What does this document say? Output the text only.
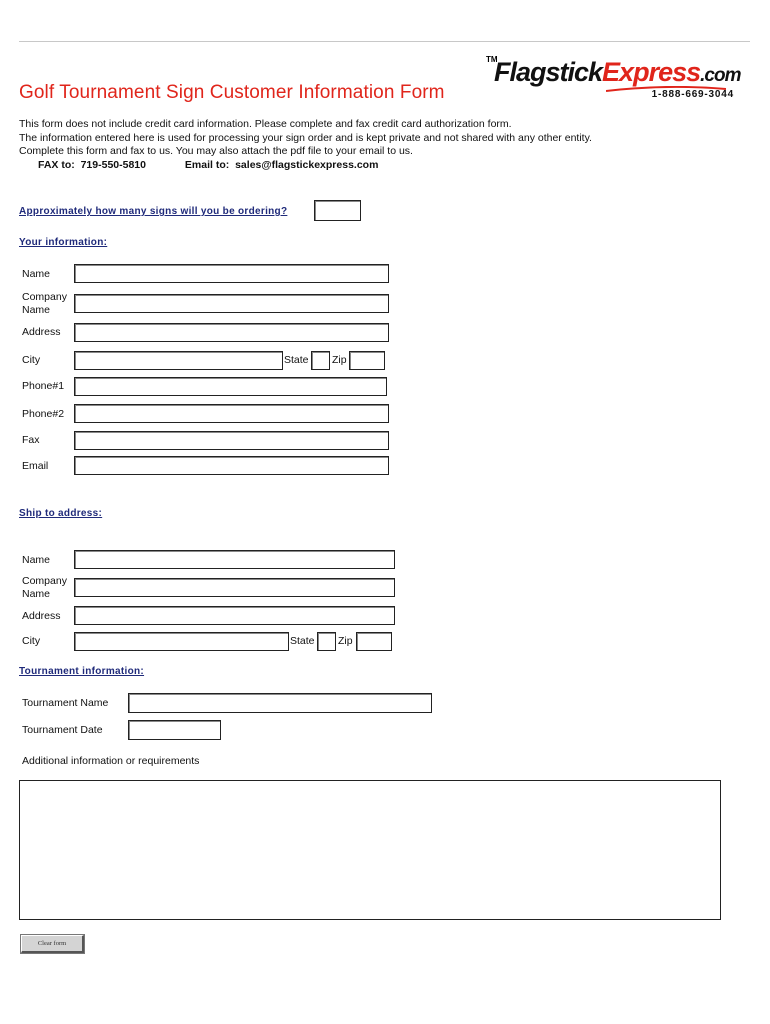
Golf Tournament Sign Customer Information Form
TM
FlagstickExpress.com
1-888-669-3044
This form does not include credit card information. Please complete and fax credit card authorization form.
The information entered here is used for processing your sign order and is kept private and not shared with any other entity.
Complete this form and fax to us. You may also attach the pdf file to your email to us.
FAX to: 719-550-5810	Email to: sales@flagstickexpress.com
Approximately how many signs will you be ordering?
Your information:
Name
Company
Name
Address
City	State Zip
Phone#1
Phone#2
Fax
Email
Ship to address:
Name
Company
Name
Address
City	State Zip
Tournament information:
Tournament Name
Tournament Date
Additional information or requirements
Clear form
